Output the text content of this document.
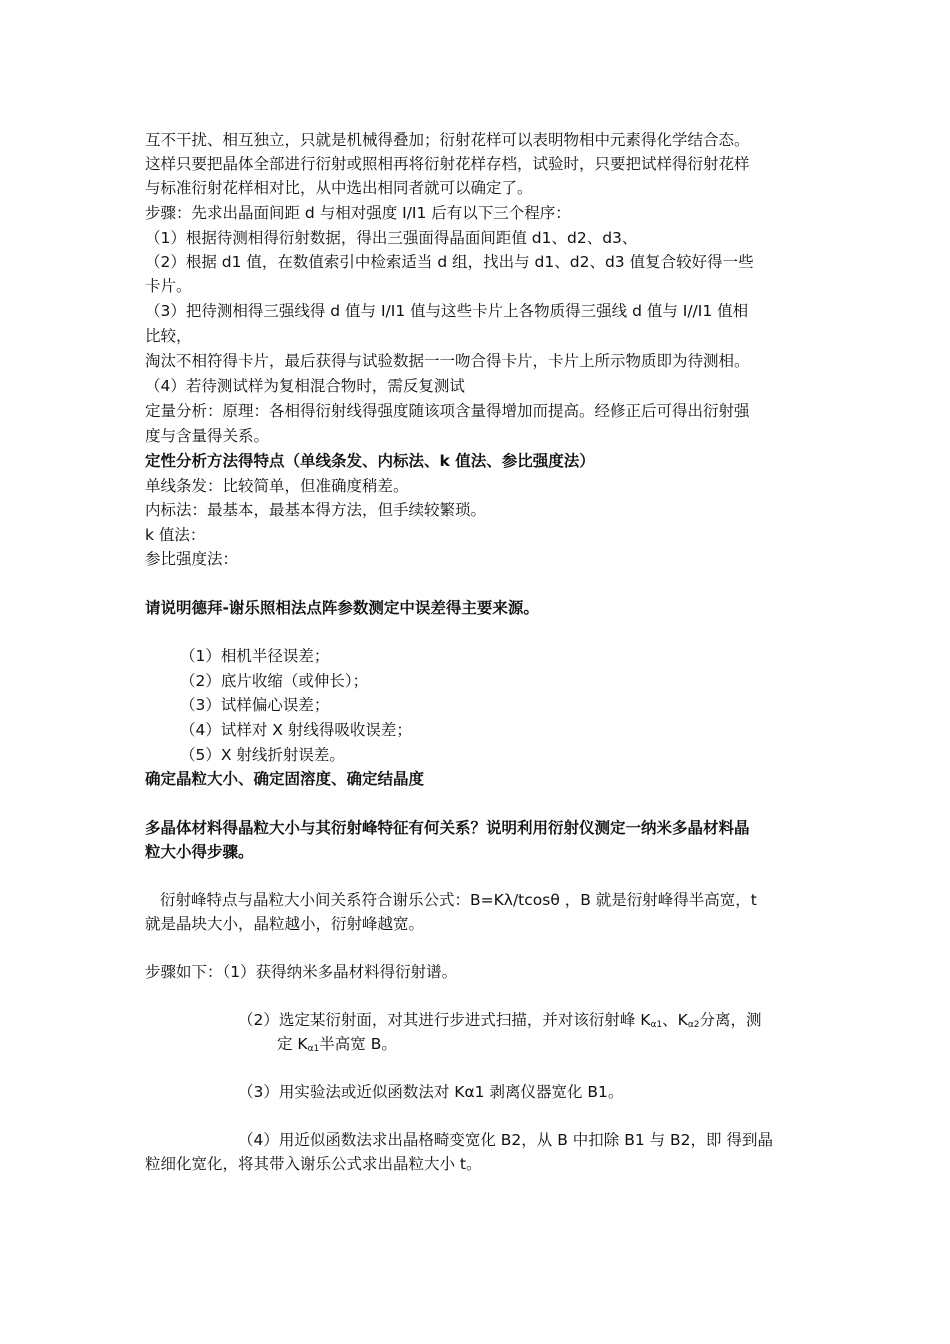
互不干扰、相互独立，只就是机械得叠加；衍射花样可以表明物相中元素得化学结合态。
这样只要把晶体全部进行衍射或照相再将衍射花样存档，试验时，只要把试样得衍射花样
与标准衍射花样相对比，从中选出相同者就可以确定了。
步骤：先求出晶面间距 d 与相对强度 I/I1 后有以下三个程序：
（1）根据待测相得衍射数据，得出三强面得晶面间距值 d1、d2、d3、
（2）根据 d1 值，在数值索引中检索适当 d 组，找出与 d1、d2、d3 值复合较好得一些
卡片。
（3）把待测相得三强线得 d 值与 I/I1 值与这些卡片上各物质得三强线 d 值与 I//I1 值相
比较，
淘汰不相符得卡片，最后获得与试验数据一一吻合得卡片，卡片上所示物质即为待测相。
（4）若待测试样为复相混合物时，需反复测试
定量分析：原理：各相得衍射线得强度随该项含量得增加而提高。经修正后可得出衍射强
度与含量得关系。
定性分析方法得特点（单线条发、内标法、k 值法、参比强度法）
单线条发：比较简单，但准确度稍差。
内标法：最基本，最基本得方法，但手续较繁琐。
k 值法：
参比强度法：
请说明德拜-谢乐照相法点阵参数测定中误差得主要来源。
（1）相机半径误差；
（2）底片收缩（或伸长）；
（3）试样偏心误差；
（4）试样对 X 射线得吸收误差；
（5）X 射线折射误差。
确定晶粒大小、确定固溶度、确定结晶度
多晶体材料得晶粒大小与其衍射峰特征有何关系？说明利用衍射仪测定一纳米多晶材料晶
粒大小得步骤。
衍射峰特点与晶粒大小间关系符合谢乐公式：B=Kλ/tcosθ ，B 就是衍射峰得半高宽，t
就是晶块大小，晶粒越小，衍射峰越宽。
步骤如下：（1）获得纳米多晶材料得衍射谱。
（2）选定某衍射面，对其进行步进式扫描，并对该衍射峰 $K_{\alpha 1}$、$K_{\alpha 2}$分离，测
定 $K_{\alpha 1}$半高宽 B。
（3）用实验法或近似函数法对 Kα1 剥离仪器宽化 B1。
（4）用近似函数法求出晶格畸变宽化 B2，从 B 中扣除 B1 与 B2，即 得到晶
粒细化宽化，将其带入谢乐公式求出晶粒大小 t。
